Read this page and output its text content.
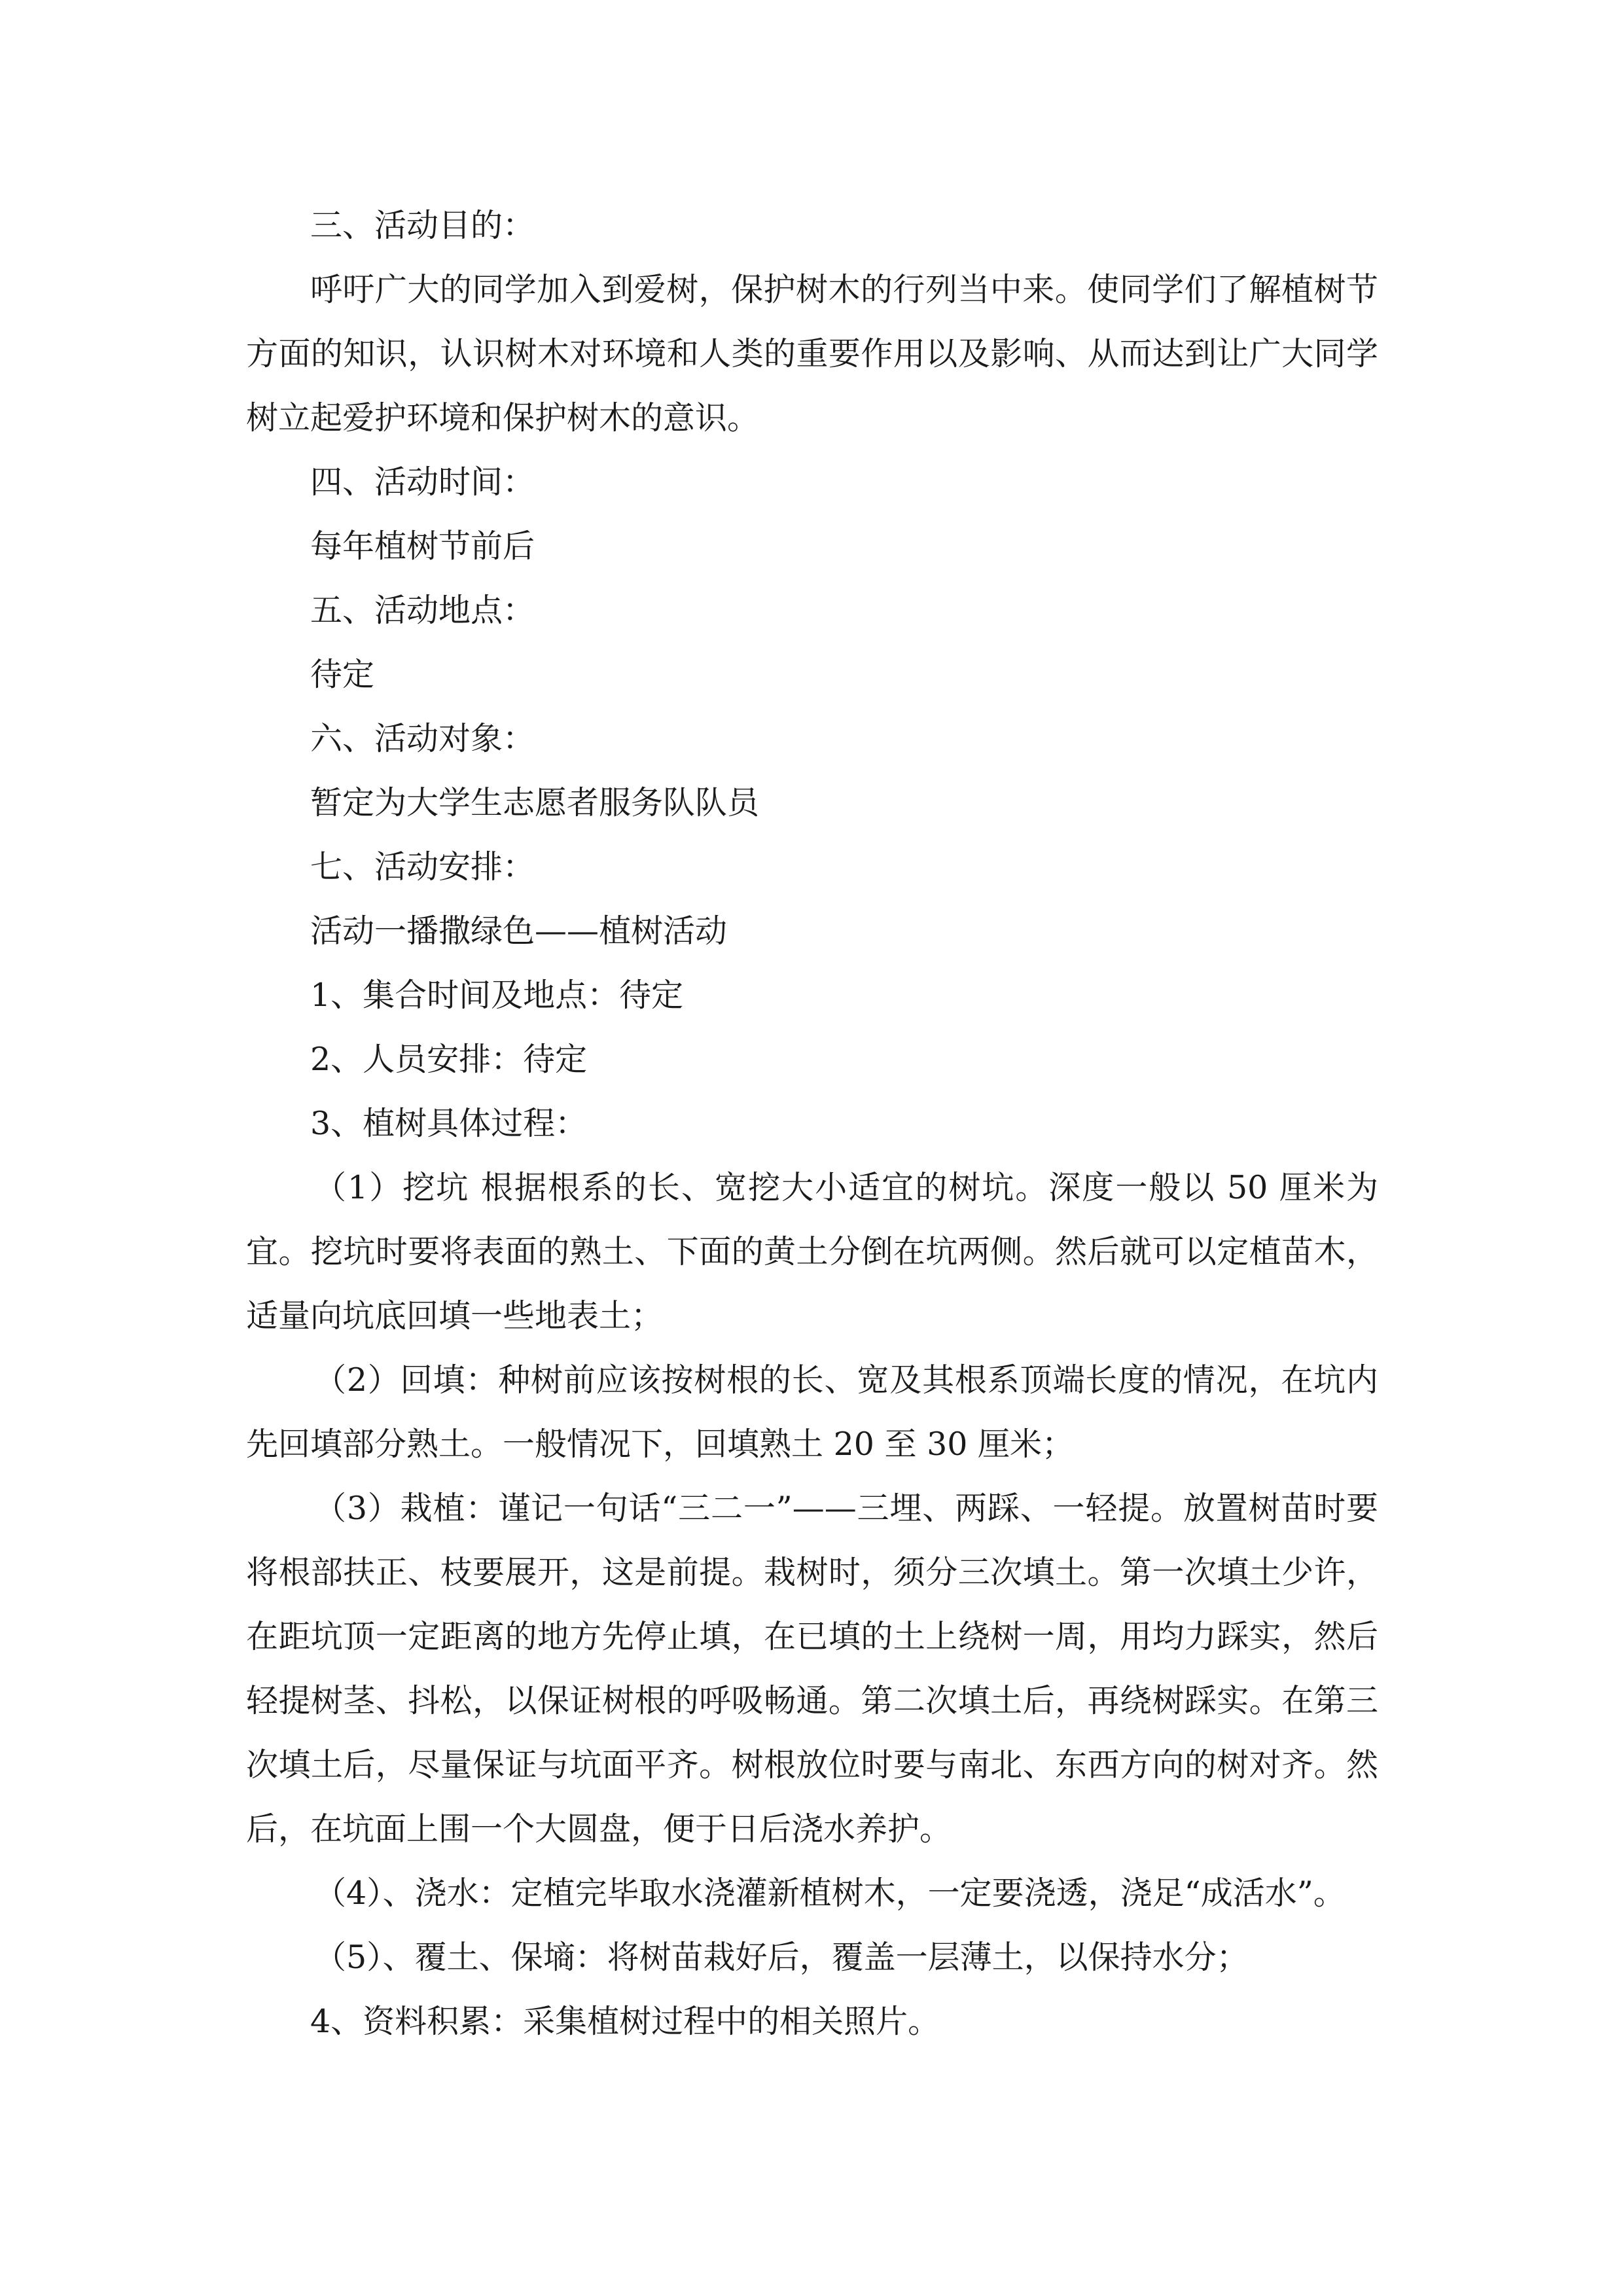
三、活动目的：

呼吁广大的同学加入到爱树，保护树木的行列当中来。使同学们了解植树节方面的知识，认识树木对环境和人类的重要作用以及影响、从而达到让广大同学树立起爱护环境和保护树木的意识。

四、活动时间：

每年植树节前后

五、活动地点：

待定

六、活动对象：

暂定为大学生志愿者服务队队员

七、活动安排：

活动一播撒绿色——植树活动

1、集合时间及地点：待定

2、人员安排：待定

3、植树具体过程：

（1）挖坑 根据根系的长、宽挖大小适宜的树坑。深度一般以 50 厘米为宜。挖坑时要将表面的熟土、下面的黄土分倒在坑两侧。然后就可以定植苗木，适量向坑底回填一些地表土；

（2）回填：种树前应该按树根的长、宽及其根系顶端长度的情况，在坑内先回填部分熟土。一般情况下，回填熟土 20 至 30 厘米；

（3）栽植：谨记一句话“三二一”——三埋、两踩、一轻提。放置树苗时要将根部扶正、枝要展开，这是前提。栽树时，须分三次填土。第一次填土少许，在距坑顶一定距离的地方先停止填，在已填的土上绕树一周，用均力踩实，然后轻提树茎、抖松，以保证树根的呼吸畅通。第二次填土后，再绕树踩实。在第三次填土后，尽量保证与坑面平齐。树根放位时要与南北、东西方向的树对齐。然后，在坑面上围一个大圆盘，便于日后浇水养护。

（4）、浇水：定植完毕取水浇灌新植树木，一定要浇透，浇足“成活水”。

（5）、覆土、保墒：将树苗栽好后，覆盖一层薄土，以保持水分；

4、资料积累：采集植树过程中的相关照片。
